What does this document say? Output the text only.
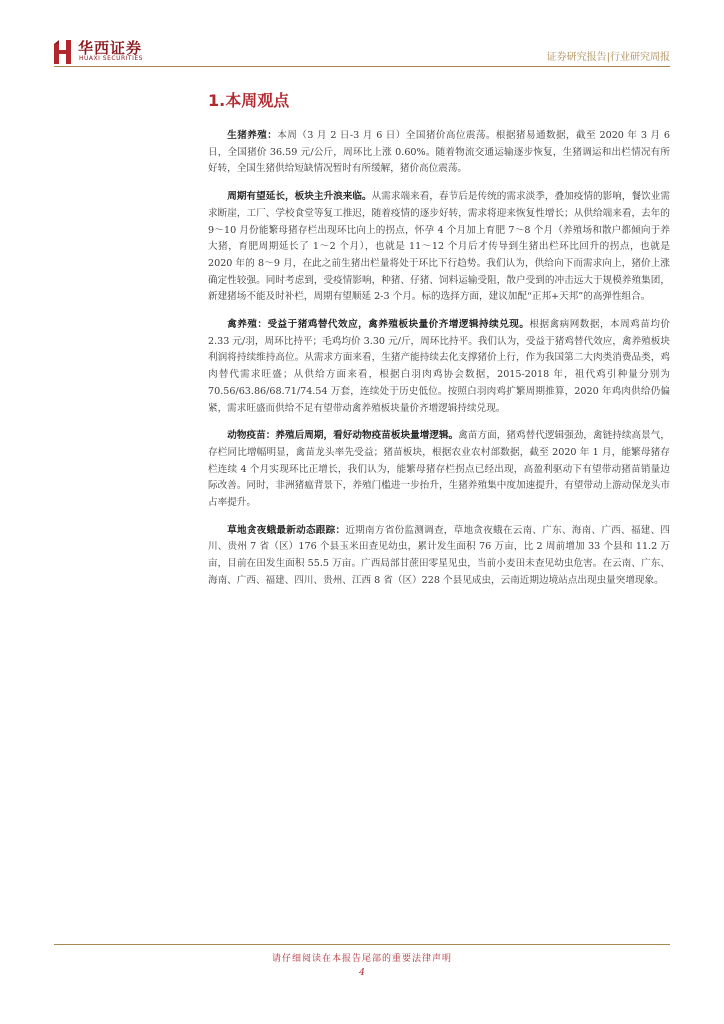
华西证券
HUAXI SECURITIES	证券研究报告|行业研究周报
1.本周观点

生猪养殖：本周（3 月 2 日-3 月 6 日）全国猪价高位震荡。根据猪易通数据，截至 2020 年 3 月 6 日，全国猪价 36.59 元/公斤，周环比上涨 0.60%。随着物流交通运输逐步恢复，生猪调运和出栏情况有所好转，全国生猪供给短缺情况暂时有所缓解，猪价高位震荡。

周期有望延长，板块主升浪来临。从需求端来看，春节后是传统的需求淡季，叠加疫情的影响，餐饮业需求断崖，工厂、学校食堂等复工推迟，随着疫情的逐步好转，需求将迎来恢复性增长；从供给端来看，去年的 9～10 月份能繁母猪存栏出现环比向上的拐点，怀孕 4 个月加上育肥 7～8 个月（养殖场和散户都倾向于养大猪，育肥周期延长了 1～2 个月），也就是 11～12 个月后才传导到生猪出栏环比回升的拐点，也就是 2020 年的 8～9 月，在此之前生猪出栏量将处于环比下行趋势。我们认为，供给向下而需求向上，猪价上涨确定性较强。同时考虑到，受疫情影响，种猪、仔猪、饲料运输受阻，散户受到的冲击远大于规模养殖集团，新建猪场不能及时补栏，周期有望顺延 2-3 个月。标的选择方面，建议加配“正邦+天邦”的高弹性组合。

禽养殖：受益于猪鸡替代效应，禽养殖板块量价齐增逻辑持续兑现。根据禽病网数据，本周鸡苗均价 2.33 元/羽，周环比持平；毛鸡均价 3.30 元/斤，周环比持平。我们认为，受益于猪鸡替代效应，禽养殖板块利润将持续维持高位。从需求方面来看，生猪产能持续去化支撑猪价上行，作为我国第二大肉类消费品类，鸡肉替代需求旺盛；从供给方面来看，根据白羽肉鸡协会数据，2015-2018 年，祖代鸡引种量分别为 70.56/63.86/68.71/74.54 万套，连续处于历史低位。按照白羽肉鸡扩繁周期推算，2020 年鸡肉供给仍偏紧，需求旺盛而供给不足有望带动禽养殖板块量价齐增逻辑持续兑现。

动物疫苗：养殖后周期，看好动物疫苗板块量增逻辑。禽苗方面，猪鸡替代逻辑强劲，禽链持续高景气，存栏同比增幅明显，禽苗龙头率先受益；猪苗板块，根据农业农村部数据，截至 2020 年 1 月，能繁母猪存栏连续 4 个月实现环比正增长，我们认为，能繁母猪存栏拐点已经出现，高盈利驱动下有望带动猪苗销量边际改善。同时，非洲猪瘟背景下，养殖门槛进一步抬升，生猪养殖集中度加速提升，有望带动上游动保龙头市占率提升。

草地贪夜蛾最新动态跟踪：近期南方省份监测调查，草地贪夜蛾在云南、广东、海南、广西、福建、四川、贵州 7 省（区）176 个县玉米田查见幼虫，累计发生面积 76 万亩，比 2 周前增加 33 个县和 11.2 万亩，目前在田发生面积 55.5 万亩。广西局部甘蔗田零星见虫，当前小麦田未查见幼虫危害。在云南、广东、海南、广西、福建、四川、贵州、江西 8 省（区）228 个县见成虫，云南近期边境站点出现虫量突增现象。

请仔细阅读在本报告尾部的重要法律声明
4
